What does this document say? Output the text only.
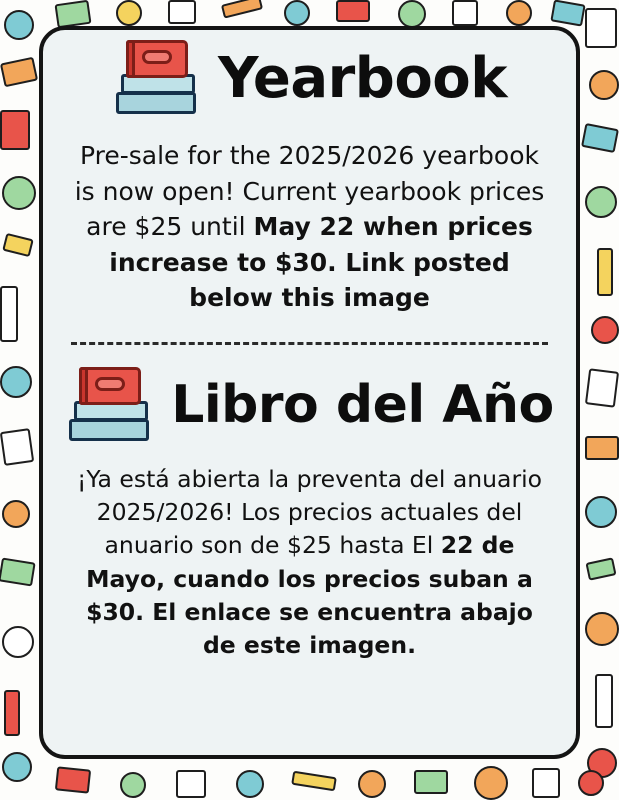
Yearbook
Pre-sale for the 2025/2026 yearbook is now open! Current yearbook prices are $25 until May 22 when prices increase to $30. Link posted below this image
Libro del Año
¡Ya está abierta la preventa del anuario 2025/2026! Los precios actuales del anuario son de $25 hasta El 22 de Mayo, cuando los precios suban a $30. El enlace se encuentra abajo de este imagen.
